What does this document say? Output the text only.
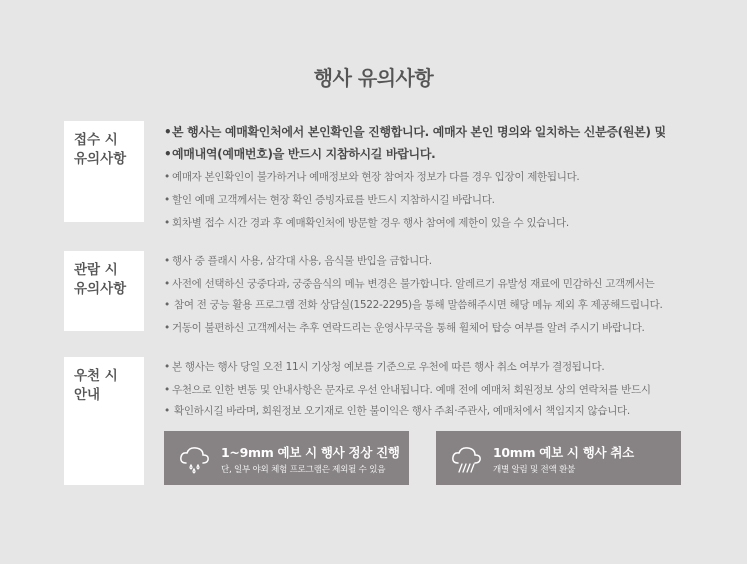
행사 유의사항
접수 시
유의사항
• 본 행사는 예매확인처에서 본인확인을 진행합니다. 예매자 본인 명의와 일치하는 신분증(원본) 및
• 예매내역(예매번호)을 반드시 지참하시길 바랍니다.
• 예매자 본인확인이 불가하거나 예매정보와 현장 참여자 정보가 다를 경우 입장이 제한됩니다.
• 할인 예매 고객께서는 현장 확인 증빙자료를 반드시 지참하시길 바랍니다.
• 회차별 접수 시간 경과 후 예매확인처에 방문할 경우 행사 참여에 제한이 있을 수 있습니다.
관람 시
유의사항
• 행사 중 플래시 사용, 삼각대 사용, 음식물 반입을 금합니다.
• 사전에 선택하신 궁중다과, 궁중음식의 메뉴 변경은 불가합니다. 알레르기 유발성 재료에 민감하신 고객께서는
• 참여 전 궁능 활용 프로그램 전화 상담실(1522-2295)을 통해 말씀해주시면 해당 메뉴 제외 후 제공해드립니다.
• 거동이 불편하신 고객께서는 추후 연락드리는 운영사무국을 통해 휠체어 탑승 여부를 알려 주시기 바랍니다.
우천 시
안내
• 본 행사는 행사 당일 오전 11시 기상청 예보를 기준으로 우천에 따른 행사 취소 여부가 결정됩니다.
• 우천으로 인한 변동 및 안내사항은 문자로 우선 안내됩니다. 예매 전에 예매처 회원정보 상의 연락처를 반드시
• 확인하시길 바라며, 회원정보 오기재로 인한 불이익은 행사 주최·주관사, 예매처에서 책임지지 않습니다.
1~9mm 예보 시 행사 정상 진행
단, 일부 야외 체험 프로그램은 제외될 수 있음
10mm 예보 시 행사 취소
개별 알림 및 전액 환불
